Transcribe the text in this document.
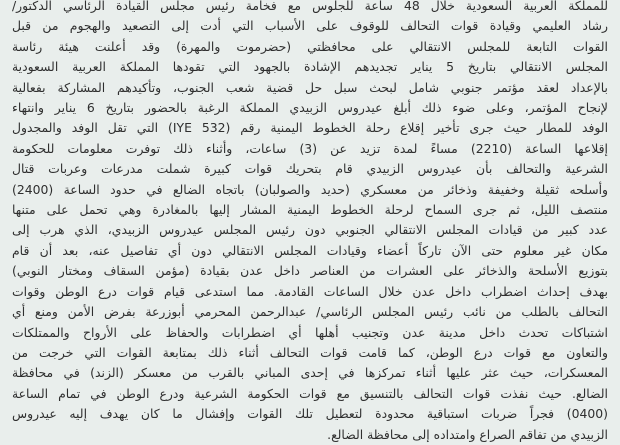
للمملكة العربية السعودية خلال 48 ساعة للجلوس مع فخامة رئيس مجلس القيادة الرئاسي الدكتور/
رشاد العليمي وقيادة قوات التحالف للوقوف على الأسباب التي أدت إلى التصعيد والهجوم من قبل
القوات التابعة للمجلس الانتقالي على محافظتي (حضرموت والمهرة) وقد أعلنت هيئة رئاسة
المجلس الانتقالي بتاريخ 5 يناير تجديدهم الإشادة بالجهود التي تقودها المملكة العربية السعودية
بالإعداد لعقد مؤتمر جنوبي شامل لبحث سبل حل قضية شعب الجنوب، وتأكيدهم المشاركة بفعالية
لإنجاح المؤتمر، وعلى ضوء ذلك أبلغ عيدروس الزبيدي المملكة الرغبة بالحضور بتاريخ 6 يناير وانتهاء
الوفد للمطار حيث جرى تأخير إقلاع رحلة الخطوط اليمنية رقم (IYE 532) التي تقل الوفد والمجدول
إقلاعها الساعة (2210) مساءً لمدة تزيد عن (3) ساعات، وأثناء ذلك توفرت معلومات للحكومة
الشرعية والتحالف بأن عيدروس الزبيدي قام بتحريك قوات كبيرة شملت مدرعات وعربات قتال
وأسلحه ثقيلة وخفيفة وذخائر من معسكري (حديد والصولبان) باتجاه الضالع في حدود الساعة (2400)
منتصف الليل، ثم جرى السماح لرحلة الخطوط اليمنية المشار إليها بالمغادرة وهي تحمل على متنها
عدد كبير من قيادات المجلس الانتقالي الجنوبي دون رئيس المجلس عيدروس الزبيدي، الذي هرب إلى
مكان غير معلوم حتى الآن تاركاً أعضاء وقيادات المجلس الانتقالي دون أي تفاصيل عنه، بعد أن قام
بتوزيع الأسلحة والذخائر على العشرات من العناصر داخل عدن بقيادة (مؤمن السقاف ومختار النوبي)
بهدف إحداث اضطراب داخل عدن خلال الساعات القادمة. مما استدعى قيام قوات درع الوطن وقوات
التحالف بالطلب من نائب رئيس المجلس الرئاسي/ عبدالرحمن المحرمي أبوزرعة بفرض الأمن ومنع أي
اشتباكات تحدث داخل مدينة عدن وتجنيب أهلها أي اضطرابات والحفاظ على الأرواح والممتلكات
والتعاون مع قوات درع الوطن، كما قامت قوات التحالف أثناء ذلك بمتابعة القوات التي خرجت من
المعسكرات، حيث عثر عليها أثناء تمركزها في إحدى المباني بالقرب من معسكر (الزند) في محافظة
الضالع. حيث نفذت قوات التحالف بالتنسيق مع قوات الحكومة الشرعية ودرع الوطن في تمام الساعة
(0400) فجراً ضربات استباقية محدودة لتعطيل تلك القوات وإفشال ما كان يهدف إليه عيدروس
الزبيدي من تفاقم الصراع وامتداده إلى محافظة الضالع.
